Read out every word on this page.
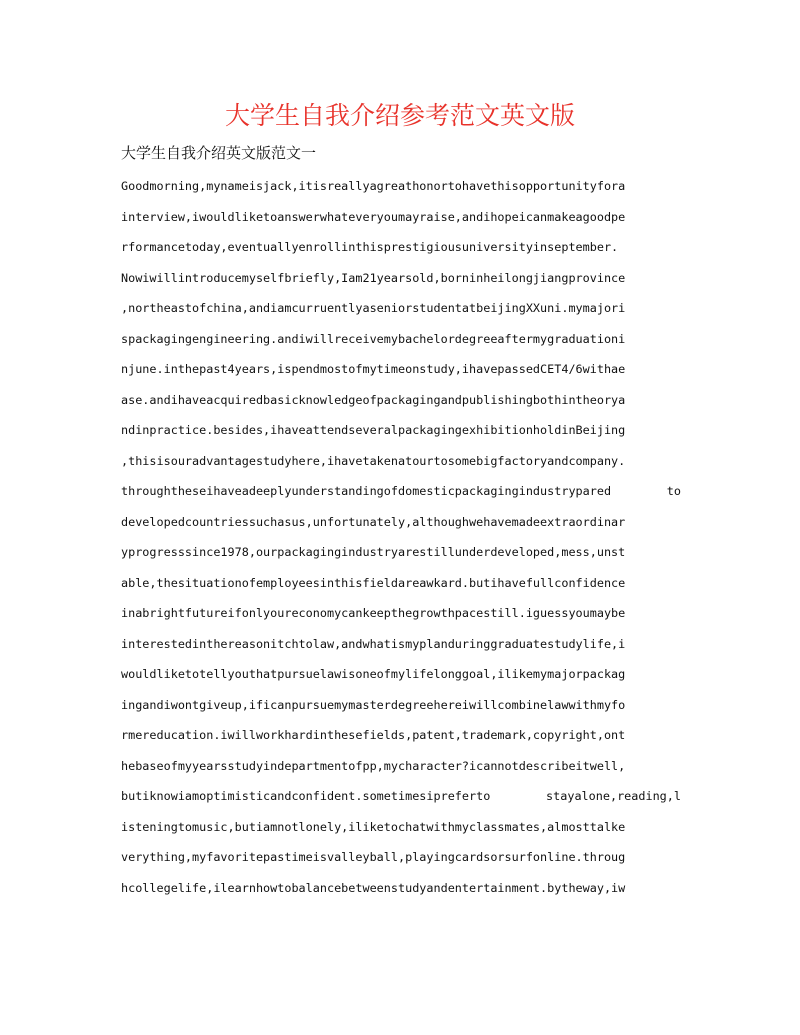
大学生自我介绍参考范文英文版
大学生自我介绍英文版范文一
Goodmorning,mynameisjack,itisreallyagreathonortohavethisopportunityfora
interview,iwouldliketoanswerwhateveryoumayraise,andihopeicanmakeagoodpe
rformancetoday,eventuallyenrollinthisprestigiousuniversityinseptember.
Nowiwillintroducemyselfbriefly,Iam21yearsold,borninheilongjiangprovince
,northeastofchina,andiamcurruentlyaseniorstudentatbeijingXXuni.mymajori
spackagingengineering.andiwillreceivemybachelordegreeaftermygraduationi
njune.inthepast4years,ispendmostofmytimeonstudy,ihavepassedCET4/6withae
ase.andihaveacquiredbasicknowledgeofpackagingandpublishingbothintheorya
ndinpractice.besides,ihaveattendseveralpackagingexhibitionholdinBeijing
,thisisouradvantagestudyhere,ihavetakenatourtosomebigfactoryandcompany.
throughtheseihaveadeeplyunderstandingofdomesticpackagingindustrypared to
developedcountriessuchasus,unfortunately,althoughwehavemadeextraordinar
yprogresssince1978,ourpackagingindustryarestillunderdeveloped,mess,unst
able,thesituationofemployeesinthisfieldareawkard.butihavefullconfidence
inabrightfutureifonlyoureconomycankeepthegrowthpacestill.iguessyoumaybe
interestedinthereasonitchtolaw,andwhatismyplanduringgraduatestudylife,i
wouldliketotellyouthatpursuelawisoneofmylifelonggoal,ilikemymajorpackag
ingandiwontgiveup,ificanpursuemymasterdegreehereiwillcombinelawwithmyfo
rmereducation.iwillworkhardinthesefields,patent,trademark,copyright,ont
hebaseofmyyearsstudyindepartmentofpp,mycharacter?icannotdescribeitwell,
butiknowiamoptimisticandconfident.sometimesipreferto stayalone,reading,l
isteningtomusic,butiamnotlonely,iliketochatwithmyclassmates,almosttalke
verything,myfavoritepastimeisvalleyball,playingcardsorsurfonline.throug
hcollegelife,ilearnhowtobalancebetweenstudyandentertainment.bytheway,iw
